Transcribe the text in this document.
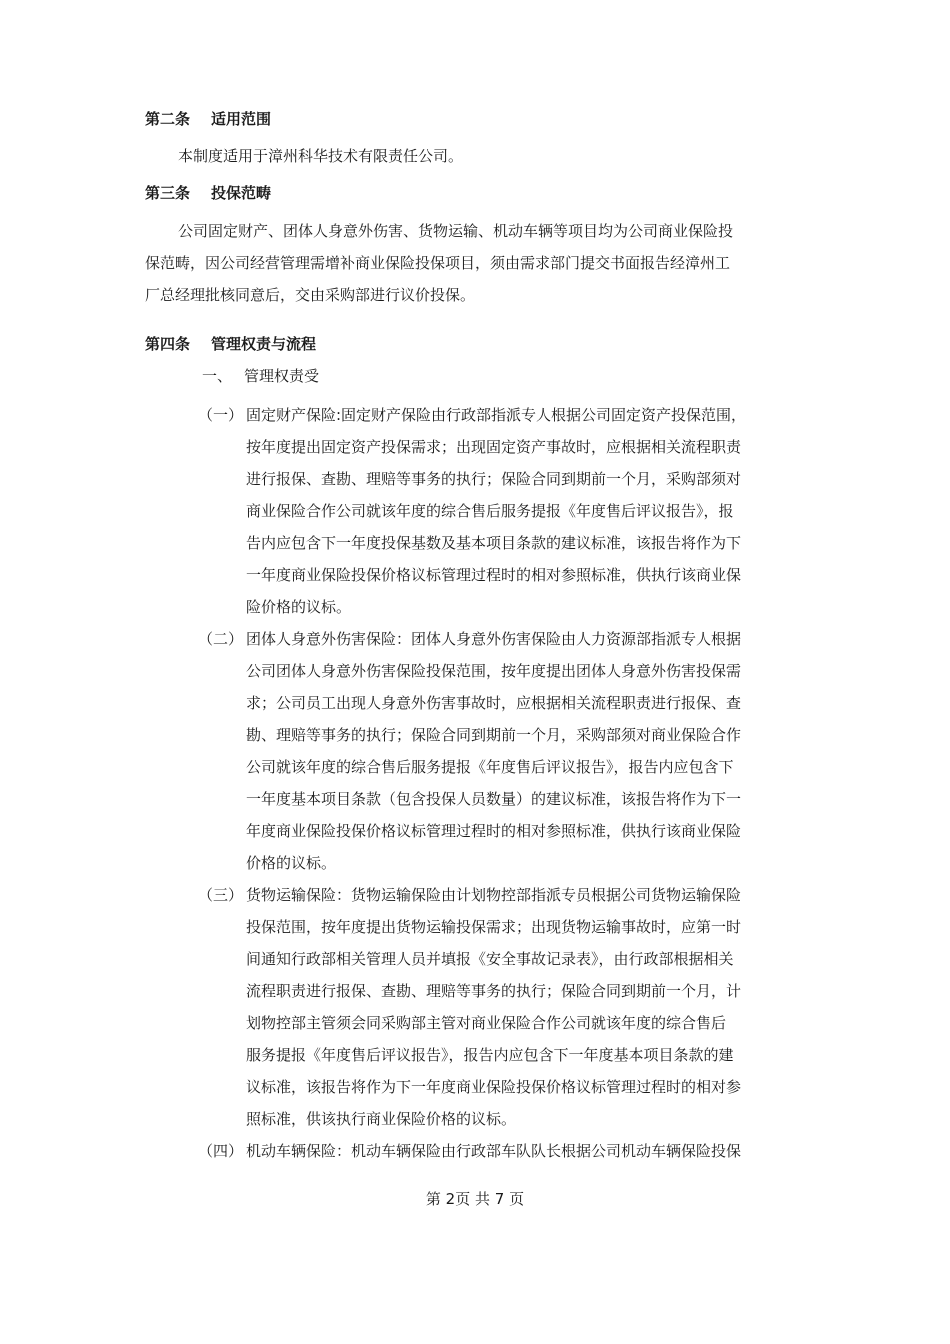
第二条 适用范围

本制度适用于漳州科华技术有限责任公司。

第三条 投保范畴

公司固定财产、团体人身意外伤害、货物运输、机动车辆等项目均为公司商业保险投

保范畴，因公司经营管理需增补商业保险投保项目，须由需求部门提交书面报告经漳州工

厂总经理批核同意后，交由采购部进行议价投保。

第四条 管理权责与流程
一、 管理权责受
（一） 固定财产保险:固定财产保险由行政部指派专人根据公司固定资产投保范围，

按年度提出固定资产投保需求；出现固定资产事故时，应根据相关流程职责

进行报保、查勘、理赔等事务的执行；保险合同到期前一个月，采购部须对

商业保险合作公司就该年度的综合售后服务提报《年度售后评议报告》，报

告内应包含下一年度投保基数及基本项目条款的建议标准，该报告将作为下

一年度商业保险投保价格议标管理过程时的相对参照标准，供执行该商业保

险价格的议标。

（二） 团体人身意外伤害保险：团体人身意外伤害保险由人力资源部指派专人根据

公司团体人身意外伤害保险投保范围，按年度提出团体人身意外伤害投保需

求；公司员工出现人身意外伤害事故时，应根据相关流程职责进行报保、查

勘、理赔等事务的执行；保险合同到期前一个月，采购部须对商业保险合作

公司就该年度的综合售后服务提报《年度售后评议报告》，报告内应包含下

一年度基本项目条款（包含投保人员数量）的建议标准，该报告将作为下一

年度商业保险投保价格议标管理过程时的相对参照标准，供执行该商业保险

价格的议标。

（三） 货物运输保险：货物运输保险由计划物控部指派专员根据公司货物运输保险

投保范围，按年度提出货物运输投保需求；出现货物运输事故时，应第一时

间通知行政部相关管理人员并填报《安全事故记录表》，由行政部根据相关

流程职责进行报保、查勘、理赔等事务的执行；保险合同到期前一个月，计

划物控部主管须会同采购部主管对商业保险合作公司就该年度的综合售后

服务提报《年度售后评议报告》，报告内应包含下一年度基本项目条款的建

议标准，该报告将作为下一年度商业保险投保价格议标管理过程时的相对参

照标准，供该执行商业保险价格的议标。

（四） 机动车辆保险：机动车辆保险由行政部车队队长根据公司机动车辆保险投保

第 2页 共 7 页
